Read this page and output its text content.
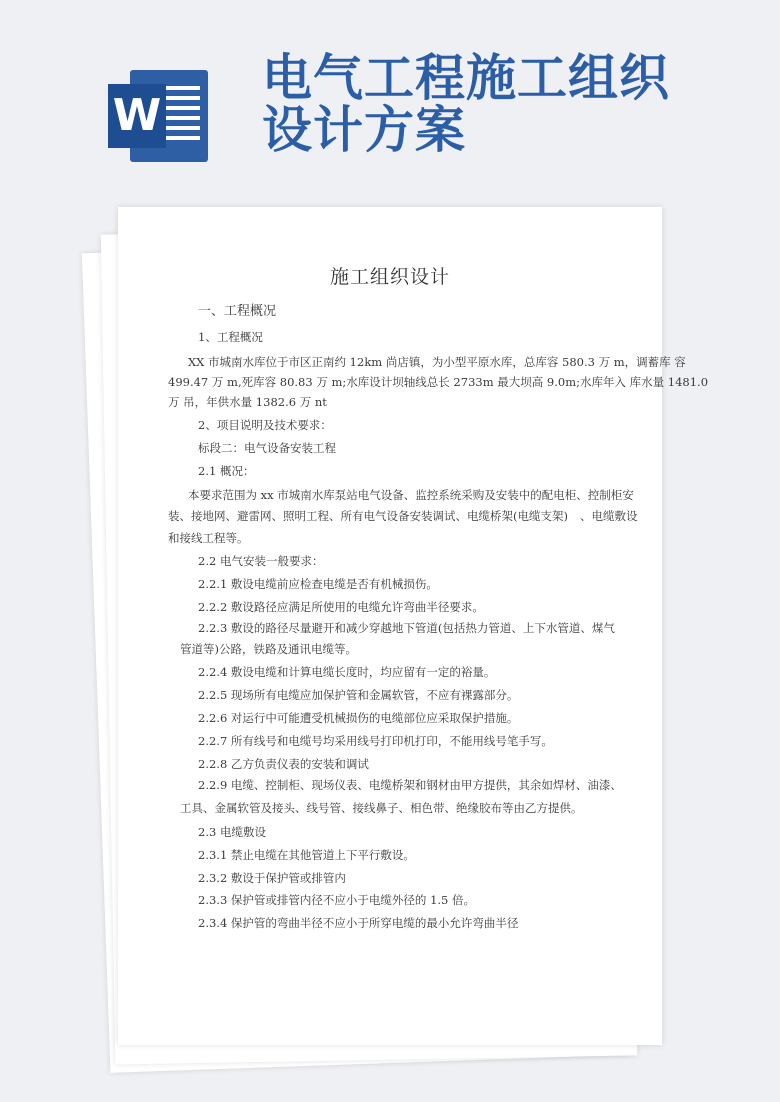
W
电气工程施工组织
设计方案
施工组织设计
一、工程概况
1、工程概况
XX 市城南水库位于市区正南约 12km 尚店镇，为小型平原水库，总库容 580.3 万 m，调蓄库 容
499.47 万 m,死库容 80.83 万 m;水库设计坝轴线总长 2733m 最大坝高 9.0m;水库年入 库水量 1481.0
万 吊，年供水量 1382.6 万 nt
2、项目说明及技术要求：
标段二：电气设备安装工程
2.1 概况：
本要求范围为 xx 市城南水库泵站电气设备、监控系统采购及安装中的配电柜、控制柜安
装、接地网、避雷网、照明工程、所有电气设备安装调试、电缆桥架(电缆支架) 、电缆敷设
和接线工程等。
2.2 电气安装一般要求：
2.2.1 敷设电缆前应检查电缆是否有机械损伤。
2.2.2 敷设路径应满足所使用的电缆允许弯曲半径要求。
2.2.3 敷设的路径尽量避开和减少穿越地下管道(包括热力管道、上下水管道、煤气
管道等)公路，铁路及通讯电缆等。
2.2.4 敷设电缆和计算电缆长度时，均应留有一定的裕量。
2.2.5 现场所有电缆应加保护管和金属软管，不应有裸露部分。
2.2.6 对运行中可能遭受机械损伤的电缆部位应采取保护措施。
2.2.7 所有线号和电缆号均采用线号打印机打印，不能用线号笔手写。
2.2.8 乙方负责仪表的安装和调试
2.2.9 电缆、控制柜、现场仪表、电缆桥架和钢材由甲方提供，其余如焊材、油漆、
工具、金属软管及接头、线号管、接线鼻子、相色带、绝缘胶布等由乙方提供。
2.3 电缆敷设
2.3.1 禁止电缆在其他管道上下平行敷设。
2.3.2 敷设于保护管或排管内
2.3.3 保护管或排管内径不应小于电缆外径的 1.5 倍。
2.3.4 保护管的弯曲半径不应小于所穿电缆的最小允许弯曲半径
